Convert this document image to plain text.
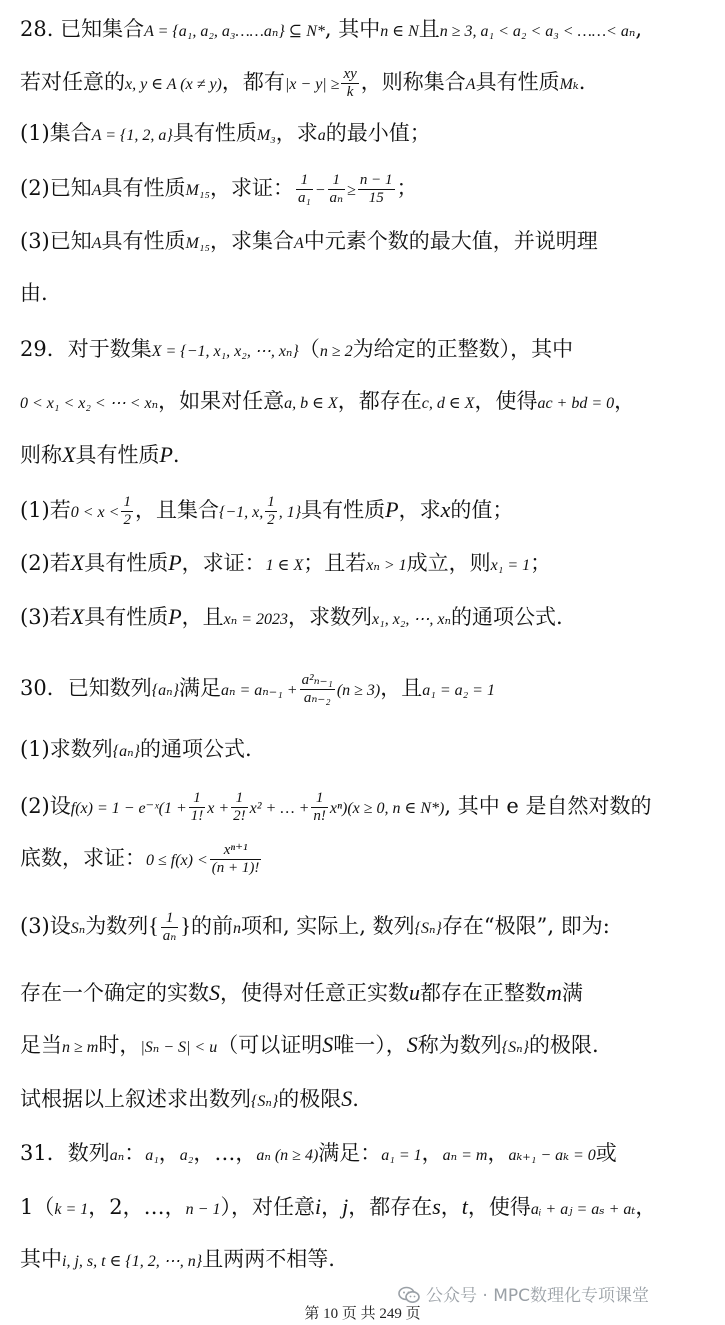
28. 已知集合A = {a₁, a₂, a₃……aₙ} ⊆ N*, 其中n ∈ N且n ≥ 3, a₁ < a₂ < a₃ < ……< aₙ,
若对任意的x, y ∈ A (x ≠ y)，都有$|x - y| \ge \frac{xy}{k}$ ，则称集合A具有性质Mₖ.
(1)集合A = {1, 2, a}具有性质M₃，求a的最小值；
(2)已知A具有性质M₁₅，求证： $\frac{1}{\text{a₁}} - \frac{1}{\text{aₙ}} \ge \frac{n - 1}{15}$ ；
(3)已知A具有性质M₁₅，求集合A中元素个数的最大值，并说明理
由.
29．对于数集X = {−1, x₁, x₂, ⋯, xₙ}（n ≥ 2为给定的正整数），其中
0 < x₁ < x₂ < ⋯ < xₙ，如果对任意a, b ∈ X，都存在c, d ∈ X，使得ac + bd = 0，
则称X具有性质P.
(1)若$0 < x < \frac{1}{2}$ ，且集合{−1, x, $\frac{1}{2}$ , 1}具有性质P，求x的值；
(2)若X具有性质P，求证：1 ∈ X；且若xₙ > 1成立，则x₁ = 1；
(3)若X具有性质P，且xₙ = 2023，求数列x₁, x₂, ⋯, xₙ的通项公式.
30．已知数列{aₙ}满足$a_n = a_{n-1} + \frac{\text{a²ₙ₋₁}}{\text{aₙ₋₂}} (n \ge 3)$，且a₁ = a₂ = 1
(1)求数列{aₙ}的通项公式.
(2)设f(x) = 1 − e⁻ˣ(1 + $\frac{1}{1!}$ $x + \frac{1}{2!} x^2$ + … + $\frac{1}{n!} x^n)(x \ge 0$, n ∈ N*), 其中 e 是自然对数的
底数，求证：$0 \le f(x) < \frac{\text{xⁿ⁺¹}}{(n + 1)!}$
(3)设Sₙ为数列{ $\frac{1}{\text{aₙ}}$ }的前n项和, 实际上, 数列{Sₙ}存在“极限”, 即为:
存在一个确定的实数S，使得对任意正实数u都存在正整数m满
足当n ≥ m时，|Sₙ − S| < u（可以证明S唯一），S称为数列{Sₙ}的极限.
试根据以上叙述求出数列{Sₙ}的极限S.
31．数列aₙ：a₁，a₂，…，aₙ (n ≥ 4)满足：a₁ = 1，aₙ = m，aₖ₊₁ − aₖ = 0或
1（k = 1，2，…，n − 1），对任意i，j，都存在s，t，使得aᵢ + aⱼ = aₛ + aₜ，
其中i, j, s, t ∈ {1, 2, ⋯, n}且两两不相等.
公众号 · MPC数理化专项课堂
第 10 页 共 249 页
